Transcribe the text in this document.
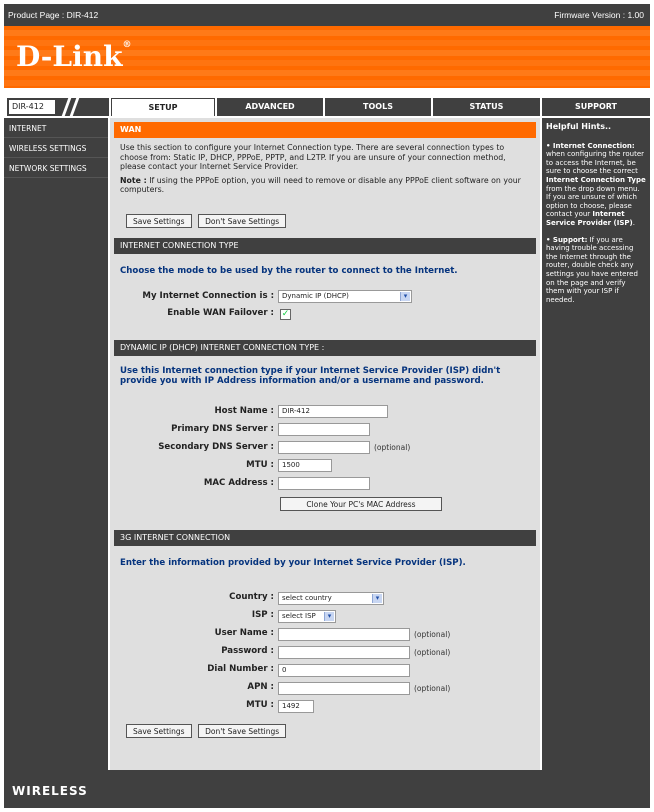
Product Page : DIR-412	Firmware Version : 1.00
D-Link®
DIR-412	SETUP	ADVANCED	TOOLS	STATUS	SUPPORT
INTERNET
WIRELESS SETTINGS
NETWORK SETTINGS
WAN
Use this section to configure your Internet Connection type. There are several connection types to choose from: Static IP, DHCP, PPPoE, PPTP, and L2TP. If you are unsure of your connection method, please contact your Internet Service Provider.
Note : If using the PPPoE option, you will need to remove or disable any PPPoE client software on your computers.
Save Settings	Don't Save Settings
INTERNET CONNECTION TYPE
Choose the mode to be used by the router to connect to the Internet.
My Internet Connection is :	Dynamic IP (DHCP)	▾
Enable WAN Failover : ✓
DYNAMIC IP (DHCP) INTERNET CONNECTION TYPE :
Use this Internet connection type if your Internet Service Provider (ISP) didn't provide you with IP Address information and/or a username and password.
Host Name :	DIR-412
Primary DNS Server :
Secondary DNS Server :	(optional)
MTU :	1500
MAC Address :
Clone Your PC's MAC Address
3G INTERNET CONNECTION
Enter the information provided by your Internet Service Provider (ISP).
Country :	select country	▾
ISP :	select ISP	▾
User Name :	(optional)
Password :	(optional)
Dial Number :	0
APN :	(optional)
MTU :	1492
Save Settings	Don't Save Settings
Helpful Hints..
• Internet Connection: when configuring the router to access the Internet, be sure to choose the correct Internet Connection Type from the drop down menu. If you are unsure of which option to choose, please contact your Internet Service Provider (ISP).
• Support: If you are having trouble accessing the Internet through the router, double check any settings you have entered on the page and verify them with your ISP if needed.
WIRELESS
